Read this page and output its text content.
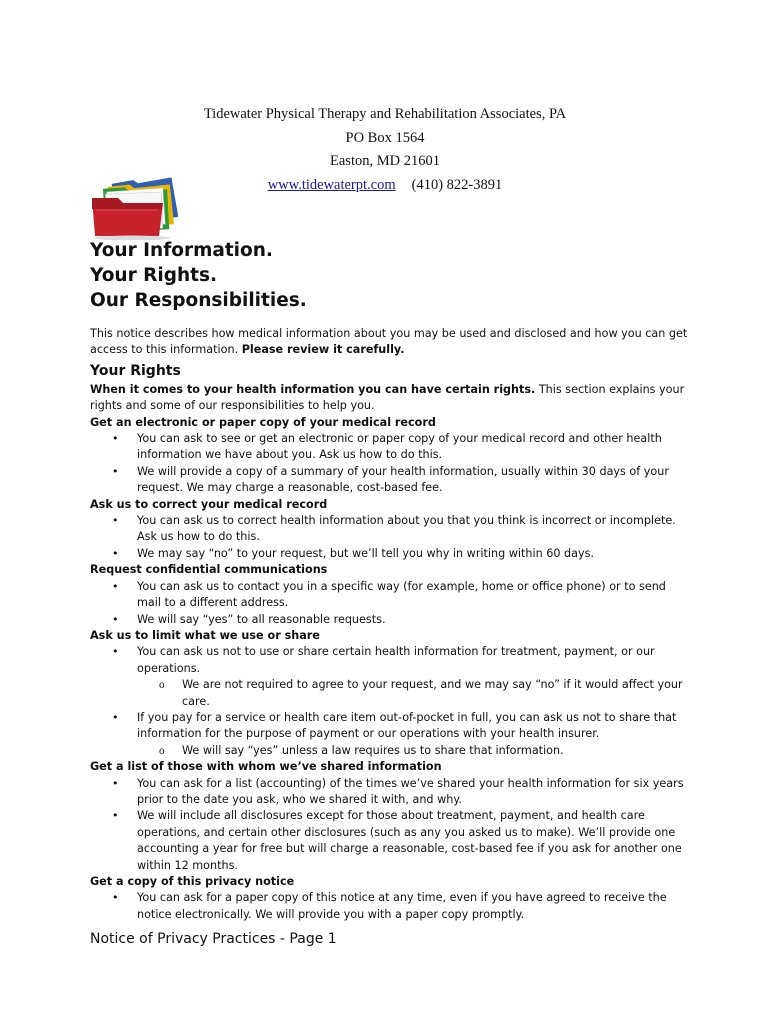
Tidewater Physical Therapy and Rehabilitation Associates, PA
PO Box 1564
Easton, MD 21601
www.tidewaterpt.com (410) 822-3891
Your Information.
Your Rights.
Our Responsibilities.

This notice describes how medical information about you may be used and disclosed and how you can get access to this information. Please review it carefully.

Your Rights

When it comes to your health information you can have certain rights. This section explains your rights and some of our responsibilities to help you.

Get an electronic or paper copy of your medical record
• You can ask to see or get an electronic or paper copy of your medical record and other health information we have about you. Ask us how to do this.
• We will provide a copy of a summary of your health information, usually within 30 days of your request. We may charge a reasonable, cost-based fee.
Ask us to correct your medical record
• You can ask us to correct health information about you that you think is incorrect or incomplete. Ask us how to do this.
• We may say “no” to your request, but we’ll tell you why in writing within 60 days.
Request confidential communications
• You can ask us to contact you in a specific way (for example, home or office phone) or to send mail to a different address.
• We will say “yes” to all reasonable requests.
Ask us to limit what we use or share
• You can ask us not to use or share certain health information for treatment, payment, or our operations.
o We are not required to agree to your request, and we may say “no” if it would affect your care.
• If you pay for a service or health care item out-of-pocket in full, you can ask us not to share that information for the purpose of payment or our operations with your health insurer.
o We will say “yes” unless a law requires us to share that information.
Get a list of those with whom we’ve shared information
• You can ask for a list (accounting) of the times we’ve shared your health information for six years prior to the date you ask, who we shared it with, and why.
• We will include all disclosures except for those about treatment, payment, and health care operations, and certain other disclosures (such as any you asked us to make). We’ll provide one accounting a year for free but will charge a reasonable, cost-based fee if you ask for another one within 12 months.
Get a copy of this privacy notice
• You can ask for a paper copy of this notice at any time, even if you have agreed to receive the notice electronically. We will provide you with a paper copy promptly.
Notice of Privacy Practices - Page 1
